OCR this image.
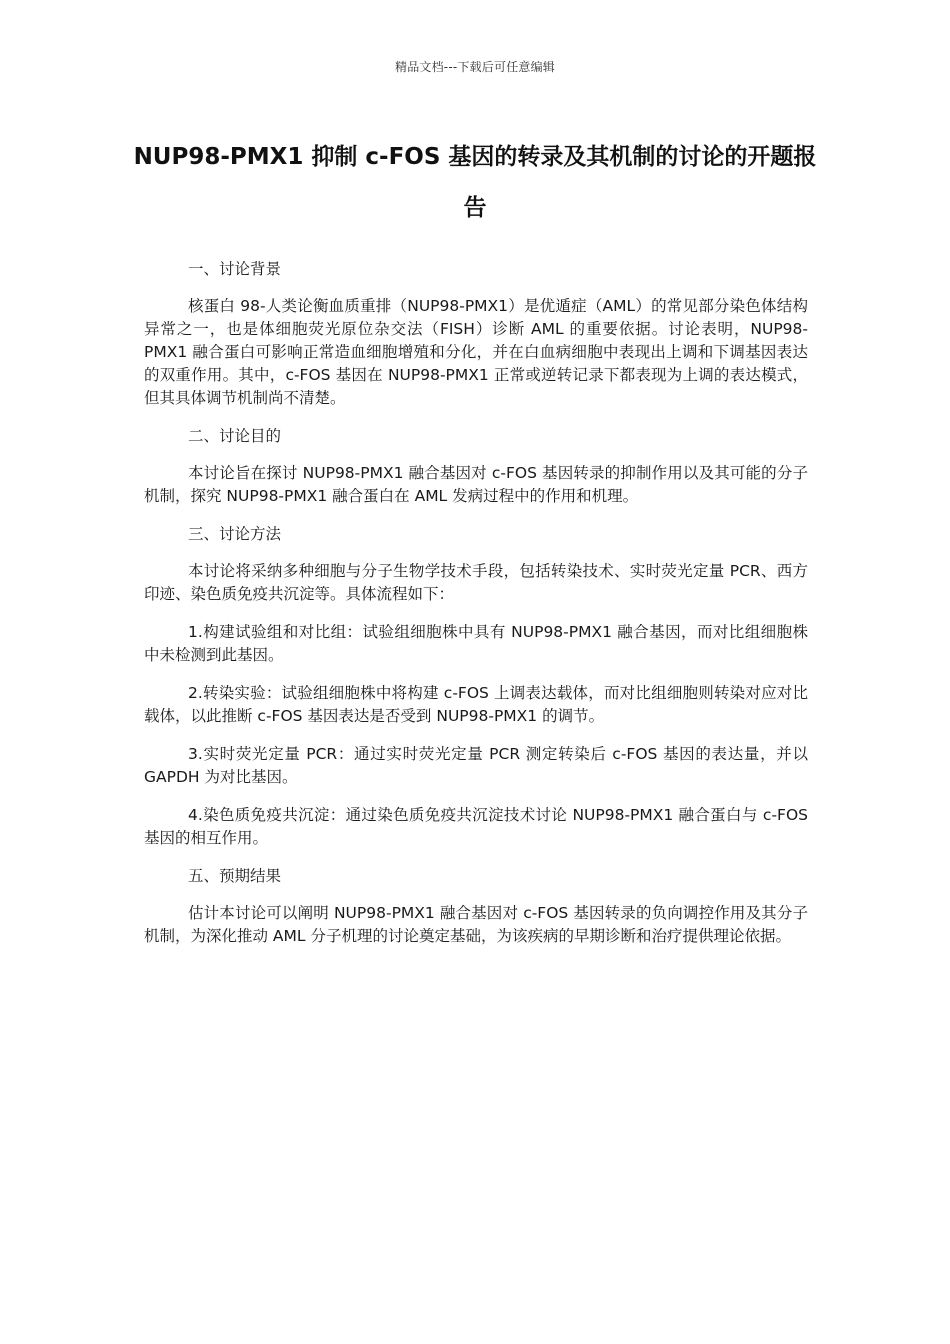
精品文档---下载后可任意编辑
NUP98-PMX1 抑制 c-FOS 基因的转录及其机制的讨论的开题报告

一、讨论背景

核蛋白 98-人类论衡血质重排（NUP98-PMX1）是优遁症（AML）的常见部分染色体结构异常之一，也是体细胞荧光原位杂交法（FISH）诊断 AML 的重要依据。讨论表明，NUP98-PMX1 融合蛋白可影响正常造血细胞增殖和分化，并在白血病细胞中表现出上调和下调基因表达的双重作用。其中，c-FOS 基因在 NUP98-PMX1 正常或逆转记录下都表现为上调的表达模式，但其具体调节机制尚不清楚。

二、讨论目的

本讨论旨在探讨 NUP98-PMX1 融合基因对 c-FOS 基因转录的抑制作用以及其可能的分子机制，探究 NUP98-PMX1 融合蛋白在 AML 发病过程中的作用和机理。

三、讨论方法

本讨论将采纳多种细胞与分子生物学技术手段，包括转染技术、实时荧光定量 PCR、西方印迹、染色质免疫共沉淀等。具体流程如下：

1.构建试验组和对比组：试验组细胞株中具有 NUP98-PMX1 融合基因，而对比组细胞株中未检测到此基因。

2.转染实验：试验组细胞株中将构建 c-FOS 上调表达载体，而对比组细胞则转染对应对比载体，以此推断 c-FOS 基因表达是否受到 NUP98-PMX1 的调节。

3.实时荧光定量 PCR：通过实时荧光定量 PCR 测定转染后 c-FOS 基因的表达量，并以 GAPDH 为对比基因。

4.染色质免疫共沉淀：通过染色质免疫共沉淀技术讨论 NUP98-PMX1 融合蛋白与 c-FOS 基因的相互作用。

五、预期结果

估计本讨论可以阐明 NUP98-PMX1 融合基因对 c-FOS 基因转录的负向调控作用及其分子机制，为深化推动 AML 分子机理的讨论奠定基础，为该疾病的早期诊断和治疗提供理论依据。
